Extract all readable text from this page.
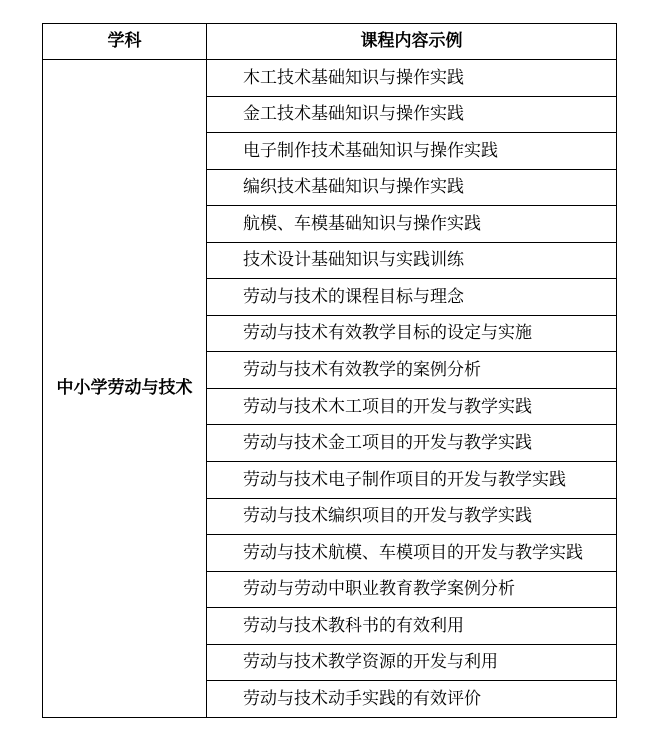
学科	课程内容示例
中小学劳动与技术	木工技术基础知识与操作实践
	金工技术基础知识与操作实践
	电子制作技术基础知识与操作实践
	编织技术基础知识与操作实践
	航模、车模基础知识与操作实践
	技术设计基础知识与实践训练
	劳动与技术的课程目标与理念
	劳动与技术有效教学目标的设定与实施
	劳动与技术有效教学的案例分析
	劳动与技术木工项目的开发与教学实践
	劳动与技术金工项目的开发与教学实践
	劳动与技术电子制作项目的开发与教学实践
	劳动与技术编织项目的开发与教学实践
	劳动与技术航模、车模项目的开发与教学实践
	劳动与劳动中职业教育教学案例分析
	劳动与技术教科书的有效利用
	劳动与技术教学资源的开发与利用
	劳动与技术动手实践的有效评价
